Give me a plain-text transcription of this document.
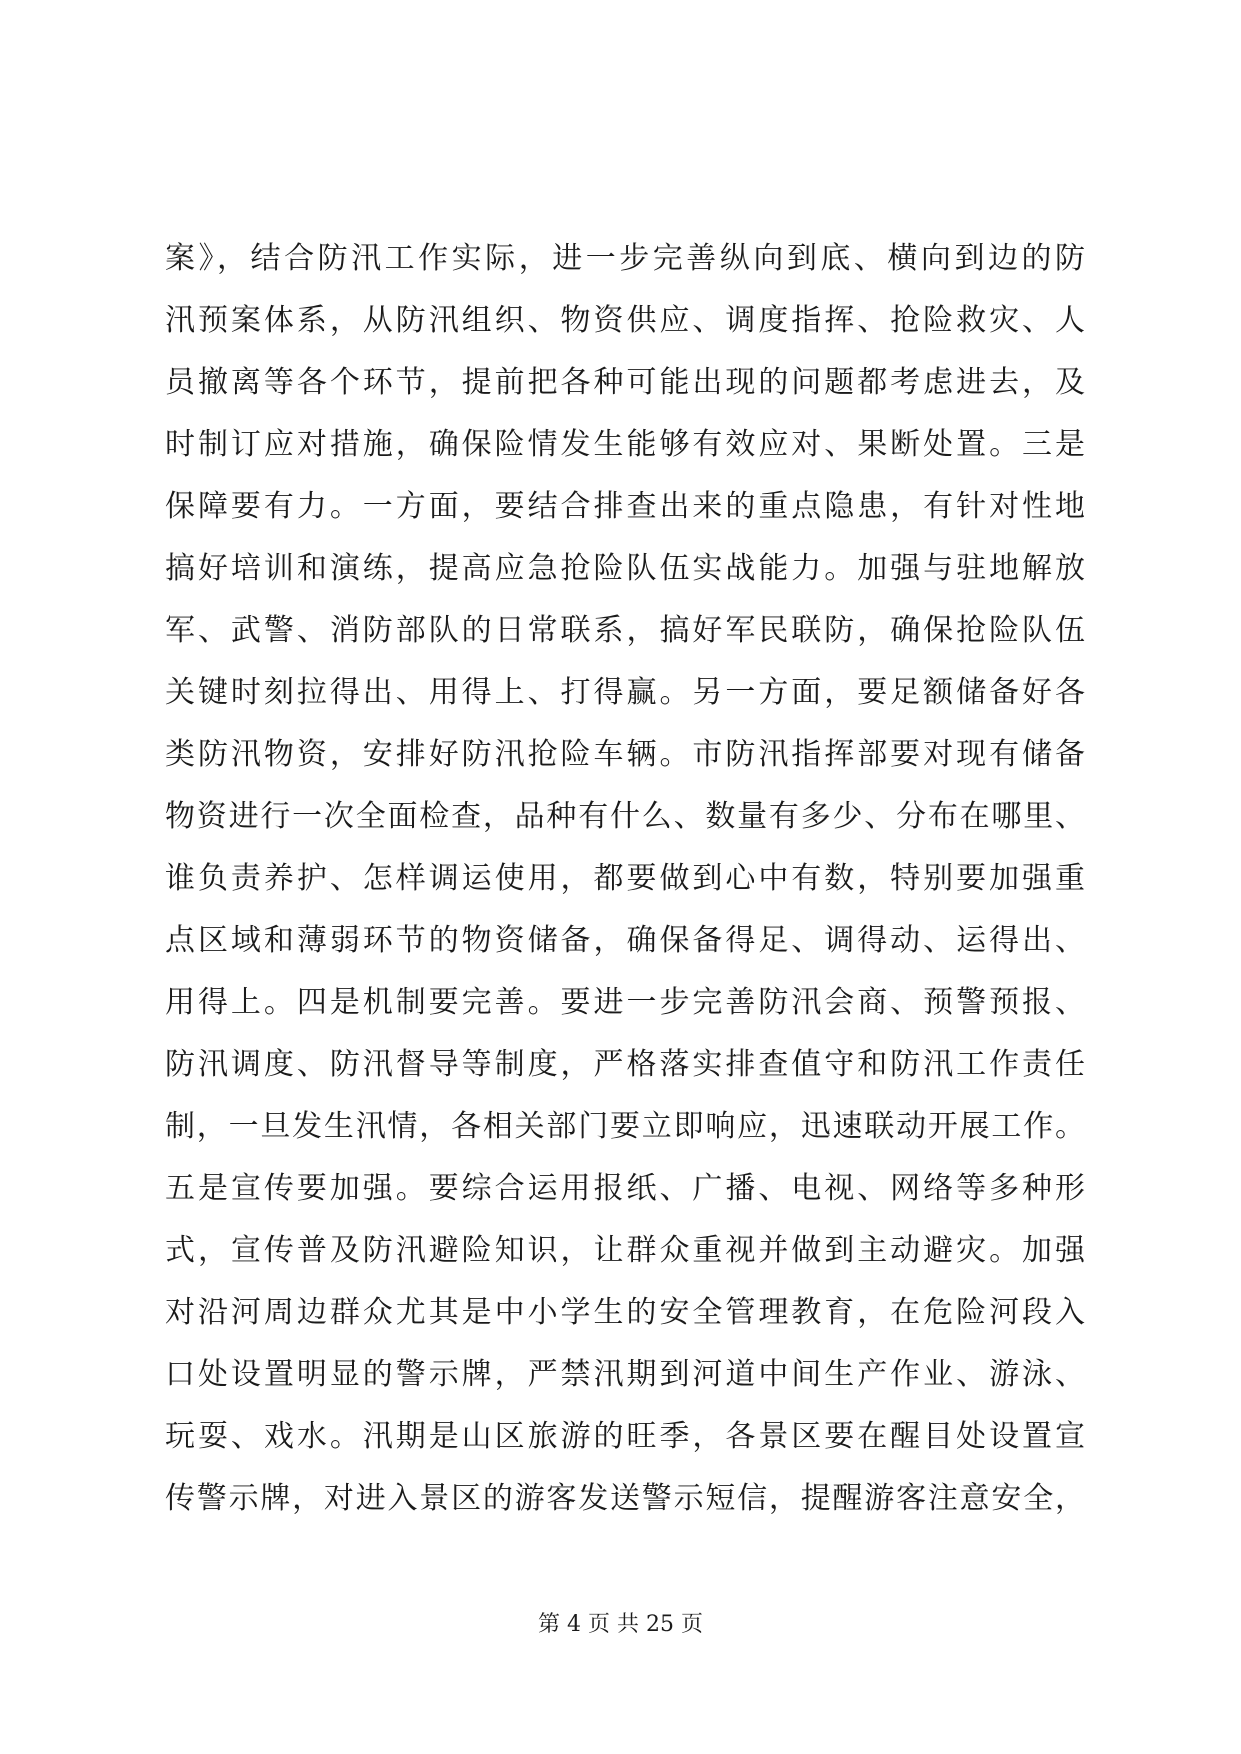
案》，结合防汛工作实际，进一步完善纵向到底、横向到边的防
汛预案体系，从防汛组织、物资供应、调度指挥、抢险救灾、人
员撤离等各个环节，提前把各种可能出现的问题都考虑进去，及
时制订应对措施，确保险情发生能够有效应对、果断处置。三是
保障要有力。一方面，要结合排查出来的重点隐患，有针对性地
搞好培训和演练，提高应急抢险队伍实战能力。加强与驻地解放
军、武警、消防部队的日常联系，搞好军民联防，确保抢险队伍
关键时刻拉得出、用得上、打得赢。另一方面，要足额储备好各
类防汛物资，安排好防汛抢险车辆。市防汛指挥部要对现有储备
物资进行一次全面检查，品种有什么、数量有多少、分布在哪里、
谁负责养护、怎样调运使用，都要做到心中有数，特别要加强重
点区域和薄弱环节的物资储备，确保备得足、调得动、运得出、
用得上。四是机制要完善。要进一步完善防汛会商、预警预报、
防汛调度、防汛督导等制度，严格落实排查值守和防汛工作责任
制，一旦发生汛情，各相关部门要立即响应，迅速联动开展工作。
五是宣传要加强。要综合运用报纸、广播、电视、网络等多种形
式，宣传普及防汛避险知识，让群众重视并做到主动避灾。加强
对沿河周边群众尤其是中小学生的安全管理教育，在危险河段入
口处设置明显的警示牌，严禁汛期到河道中间生产作业、游泳、
玩耍、戏水。汛期是山区旅游的旺季，各景区要在醒目处设置宣
传警示牌，对进入景区的游客发送警示短信，提醒游客注意安全，
第 4 页 共 25 页
